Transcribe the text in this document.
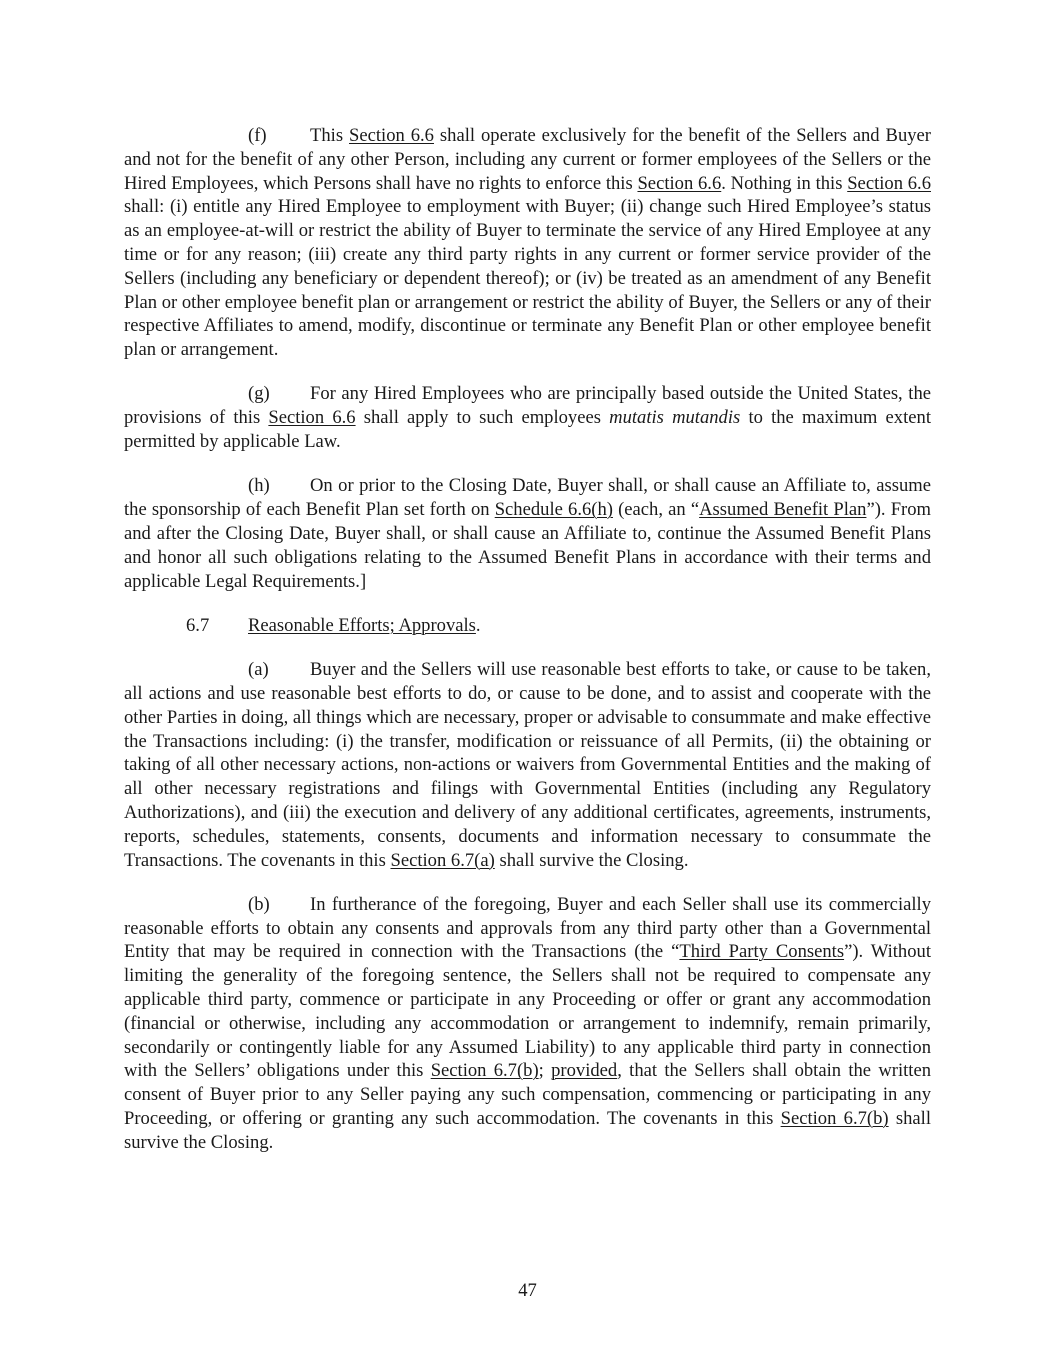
(f) This Section 6.6 shall operate exclusively for the benefit of the Sellers and Buyer and not for the benefit of any other Person, including any current or former employees of the Sellers or the Hired Employees, which Persons shall have no rights to enforce this Section 6.6. Nothing in this Section 6.6 shall: (i) entitle any Hired Employee to employment with Buyer; (ii) change such Hired Employee’s status as an employee-at-will or restrict the ability of Buyer to terminate the service of any Hired Employee at any time or for any reason; (iii) create any third party rights in any current or former service provider of the Sellers (including any beneficiary or dependent thereof); or (iv) be treated as an amendment of any Benefit Plan or other employee benefit plan or arrangement or restrict the ability of Buyer, the Sellers or any of their respective Affiliates to amend, modify, discontinue or terminate any Benefit Plan or other employee benefit plan or arrangement.

(g) For any Hired Employees who are principally based outside the United States, the provisions of this Section 6.6 shall apply to such employees mutatis mutandis to the maximum extent permitted by applicable Law.

(h) On or prior to the Closing Date, Buyer shall, or shall cause an Affiliate to, assume the sponsorship of each Benefit Plan set forth on Schedule 6.6(h) (each, an “Assumed Benefit Plan”). From and after the Closing Date, Buyer shall, or shall cause an Affiliate to, continue the Assumed Benefit Plans and honor all such obligations relating to the Assumed Benefit Plans in accordance with their terms and applicable Legal Requirements.]

6.7 Reasonable Efforts; Approvals.

(a) Buyer and the Sellers will use reasonable best efforts to take, or cause to be taken, all actions and use reasonable best efforts to do, or cause to be done, and to assist and cooperate with the other Parties in doing, all things which are necessary, proper or advisable to consummate and make effective the Transactions including: (i) the transfer, modification or reissuance of all Permits, (ii) the obtaining or taking of all other necessary actions, non-actions or waivers from Governmental Entities and the making of all other necessary registrations and filings with Governmental Entities (including any Regulatory Authorizations), and (iii) the execution and delivery of any additional certificates, agreements, instruments, reports, schedules, statements, consents, documents and information necessary to consummate the Transactions. The covenants in this Section 6.7(a) shall survive the Closing.

(b) In furtherance of the foregoing, Buyer and each Seller shall use its commercially reasonable efforts to obtain any consents and approvals from any third party other than a Governmental Entity that may be required in connection with the Transactions (the “Third Party Consents”). Without limiting the generality of the foregoing sentence, the Sellers shall not be required to compensate any applicable third party, commence or participate in any Proceeding or offer or grant any accommodation (financial or otherwise, including any accommodation or arrangement to indemnify, remain primarily, secondarily or contingently liable for any Assumed Liability) to any applicable third party in connection with the Sellers’ obligations under this Section 6.7(b); provided, that the Sellers shall obtain the written consent of Buyer prior to any Seller paying any such compensation, commencing or participating in any Proceeding, or offering or granting any such accommodation. The covenants in this Section 6.7(b) shall survive the Closing.

47
